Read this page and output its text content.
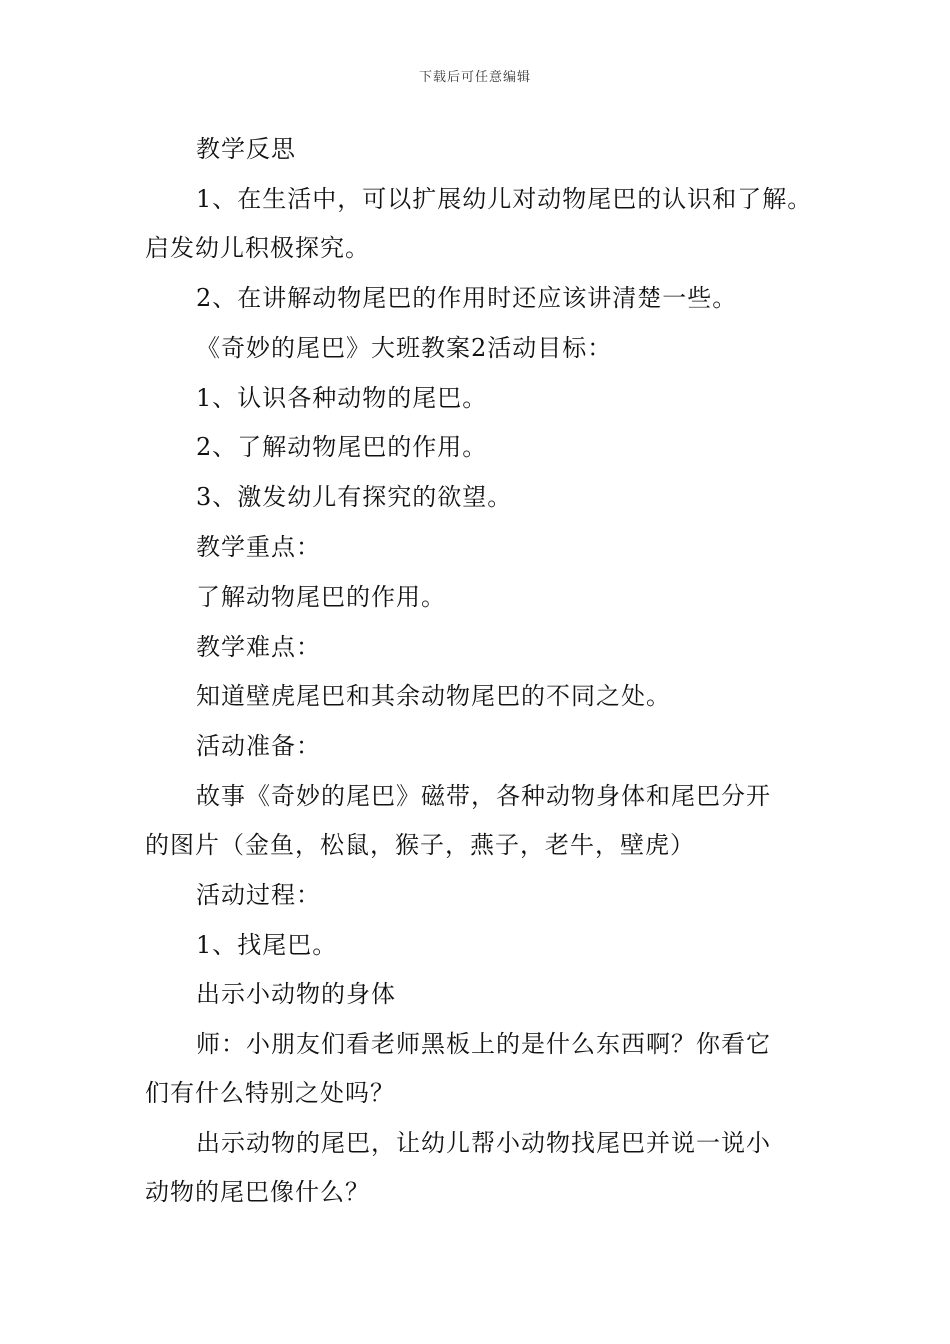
下载后可任意编辑
教学反思
1、在生活中，可以扩展幼儿对动物尾巴的认识和了解。
启发幼儿积极探究。
2、在讲解动物尾巴的作用时还应该讲清楚一些。
《奇妙的尾巴》大班教案2活动目标：
1、认识各种动物的尾巴。
2、了解动物尾巴的作用。
3、激发幼儿有探究的欲望。
教学重点：
了解动物尾巴的作用。
教学难点：
知道壁虎尾巴和其余动物尾巴的不同之处。
活动准备：
故事《奇妙的尾巴》磁带，各种动物身体和尾巴分开
的图片（金鱼，松鼠，猴子，燕子，老牛，壁虎）
活动过程：
1、找尾巴。
出示小动物的身体
师：小朋友们看老师黑板上的是什么东西啊？你看它
们有什么特别之处吗？
出示动物的尾巴，让幼儿帮小动物找尾巴并说一说小
动物的尾巴像什么？
